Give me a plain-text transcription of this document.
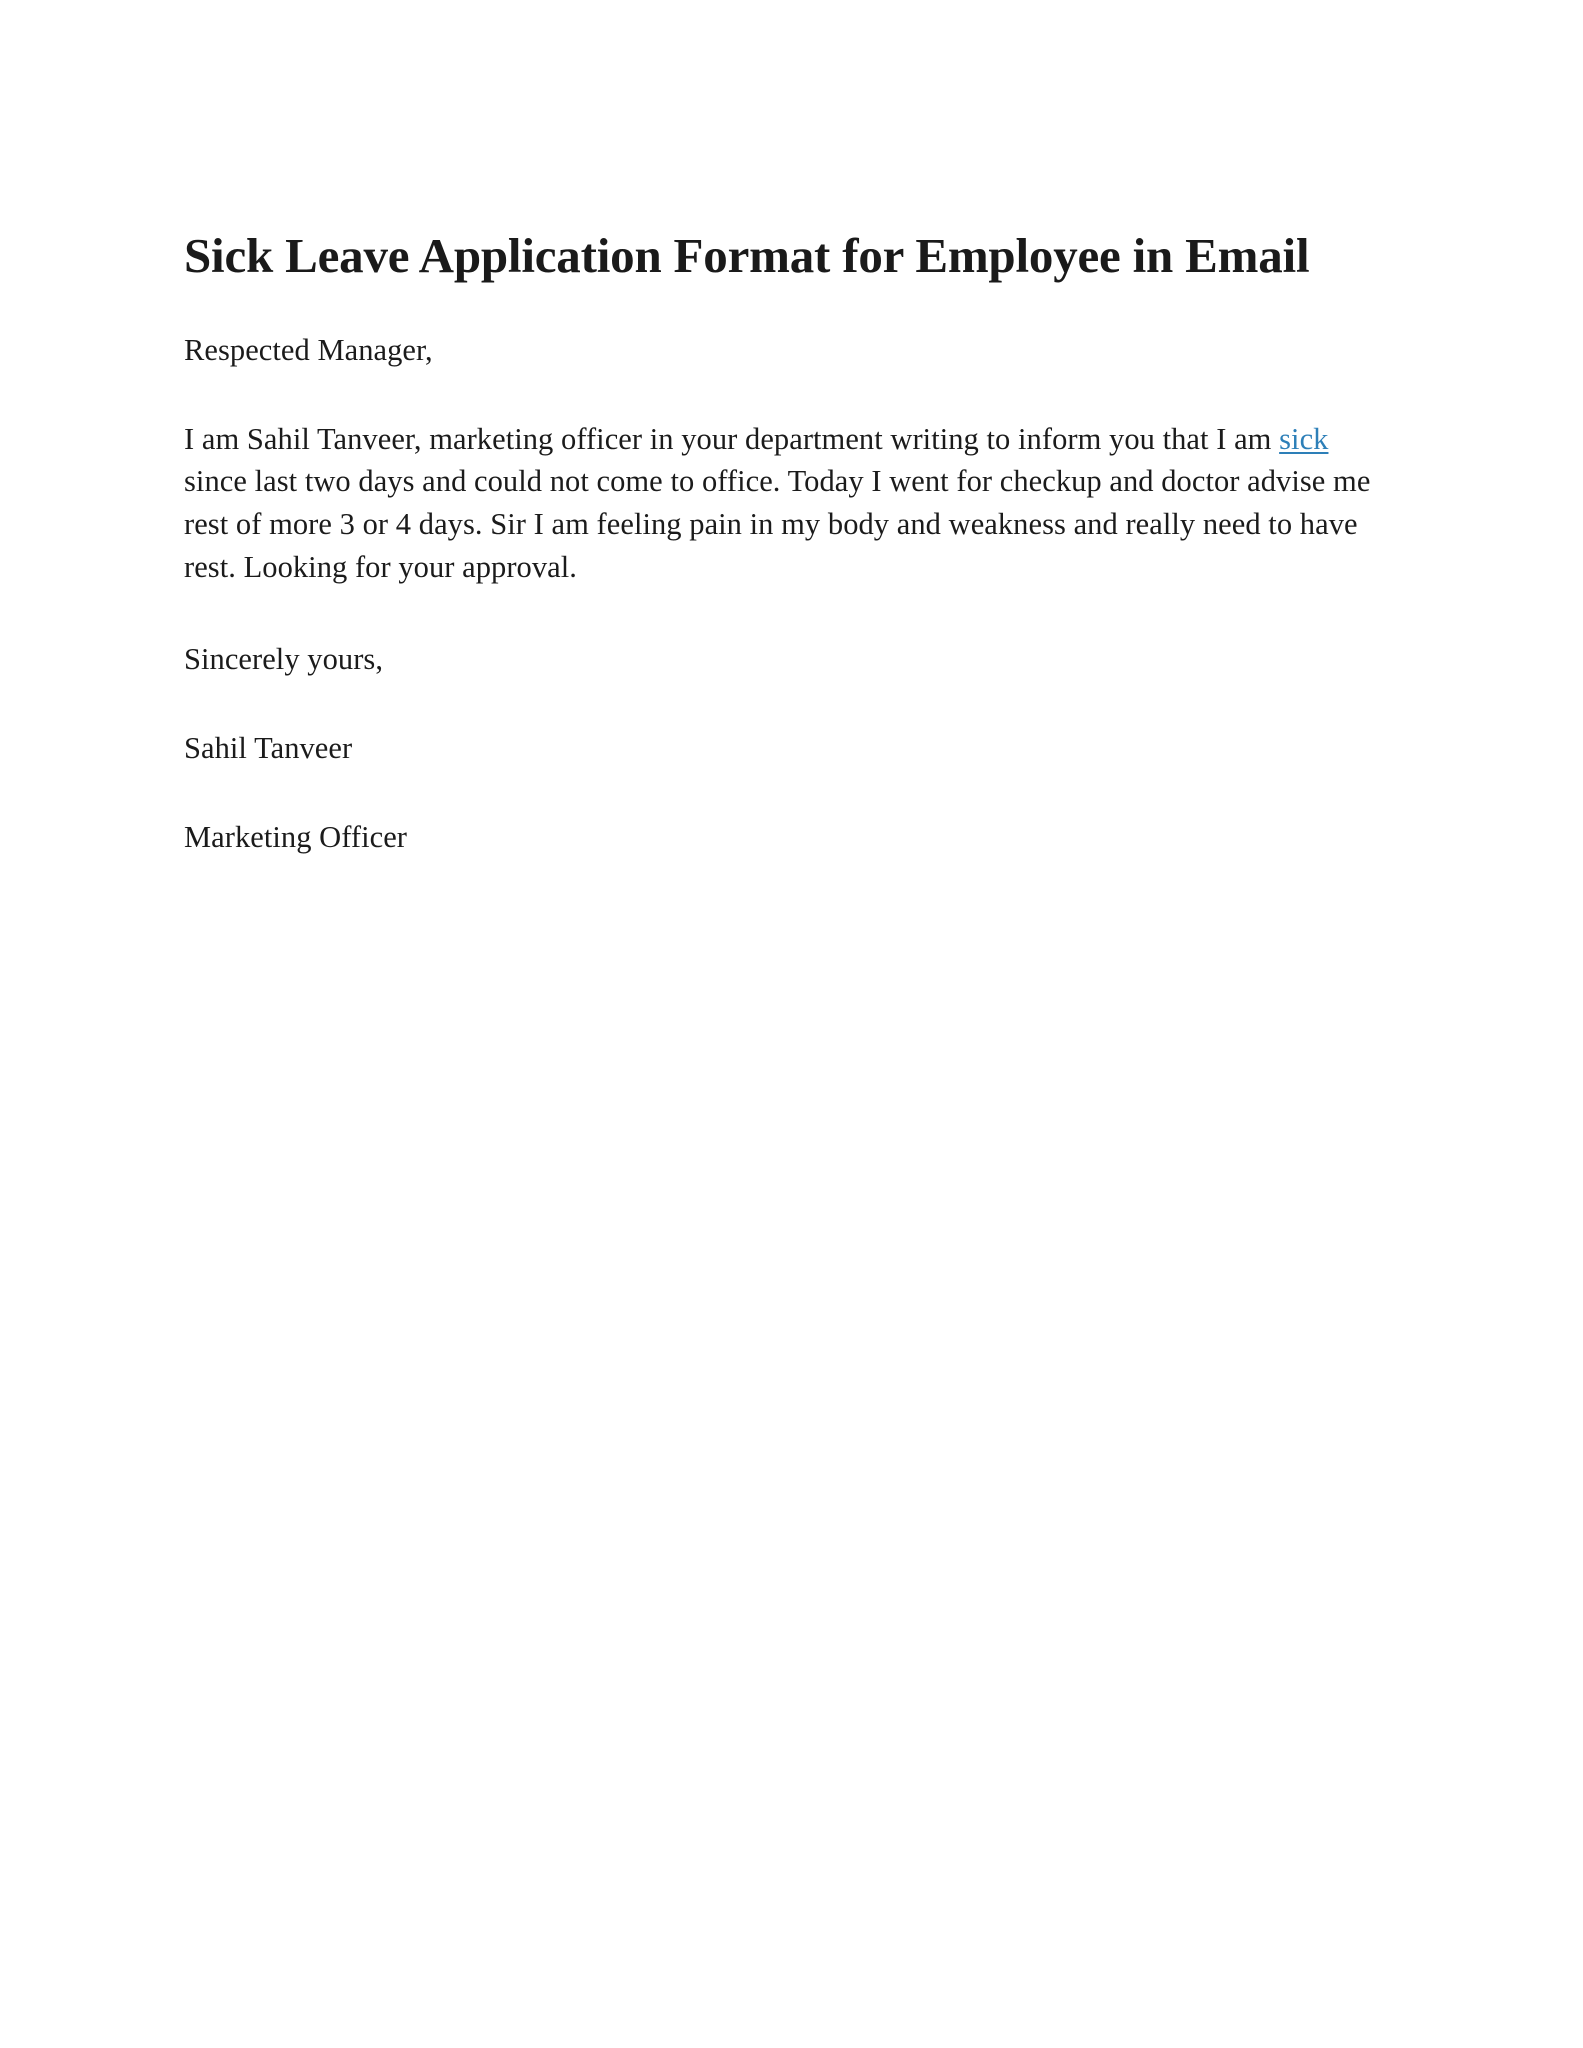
Sick Leave Application Format for Employee in Email

Respected Manager,

I am Sahil Tanveer, marketing officer in your department writing to inform you that I am sick since last two days and could not come to office. Today I went for checkup and doctor advise me rest of more 3 or 4 days. Sir I am feeling pain in my body and weakness and really need to have rest. Looking for your approval.

Sincerely yours,

Sahil Tanveer

Marketing Officer
